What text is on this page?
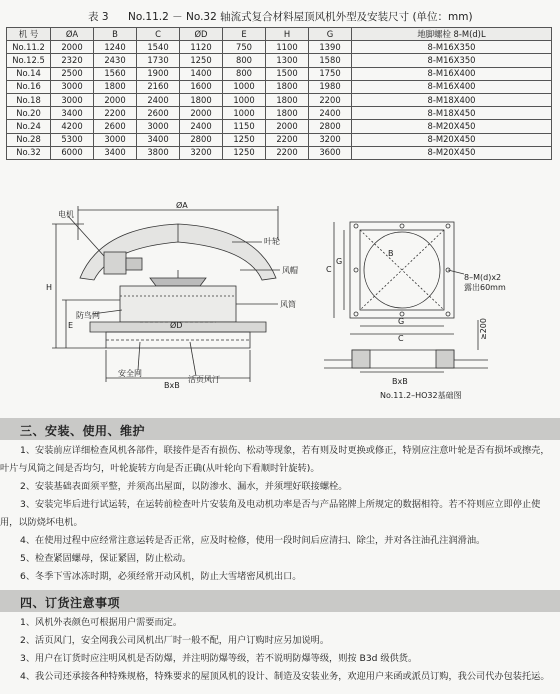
表 3 No.11.2 － No.32 轴流式复合材料屋顶风机外型及安装尺寸 (单位：mm)
机 号	ØA	B	C	ØD	E	H	G	地脚螺栓 8-M(d)L
No.11.2	2000	1240	1540	1120	750	1100	1390	8-M16X350
No.12.5	2320	2430	1730	1250	800	1300	1580	8-M16X350
No.14	2500	1560	1900	1400	800	1500	1750	8-M16X400
No.16	3000	1800	2160	1600	1000	1800	1980	8-M16X400
No.18	3000	2000	2400	1800	1000	1800	2200	8-M18X400
No.20	3400	2200	2600	2000	1000	1800	2400	8-M18X450
No.24	4200	2600	3000	2400	1150	2000	2800	8-M20X450
No.28	5300	3000	3400	2800	1250	2200	3200	8-M20X450
No.32	6000	3400	3800	3200	1250	2200	3600	8-M20X450
ØA
电机
叶轮
风帽
风筒
防鸟网
ØD
H
E
安全网
BxB
活页风汀
B
C
G
G
C
8–M(d)x2
露出60mm
BxB
No.11.2–HO32基础图
≥200
三、安装、使用、维护

1、安装前应详细检查风机各部件，联接件是否有损伤、松动等现象，若有则及时更换或修正，特别应注意叶轮是否有损坏或擦壳，叶片与风筒之间是否均匀，叶轮旋转方向是否正确(从叶轮向下看顺时针旋转)。

2、安装基础表面须平整，并须高出屋面，以防渗水、漏水，并须埋好联接螺栓。

3、安装完毕后进行试运转，在运转前检查叶片安装角及电动机功率是否与产品铭牌上所规定的数据相符。若不符则应立即停止使用，以防烧坏电机。

4、在使用过程中应经常注意运转是否正常，应及时检修，使用一段时间后应清扫、除尘，并对各注油孔注润滑油。

5、检查紧固螺母，保证紧固，防止松动。

6、冬季下雪冰冻时期，必须经常开动风机，防止大雪堵密风机出口。

四、订货注意事项

1、风机外表颜色可根据用户需要而定。

2、活页风门，安全网我公司风机出厂时一般不配，用户订购时应另加说明。

3、用户在订货时应注明风机是否防爆，并注明防爆等级，若不说明防爆等级，则按 B3d 级供货。

4、我公司还承接各种特殊规格，特殊要求的屋顶风机的设计、制造及安装业务，欢迎用户来函或派员订购，我公司代办包装托运。
